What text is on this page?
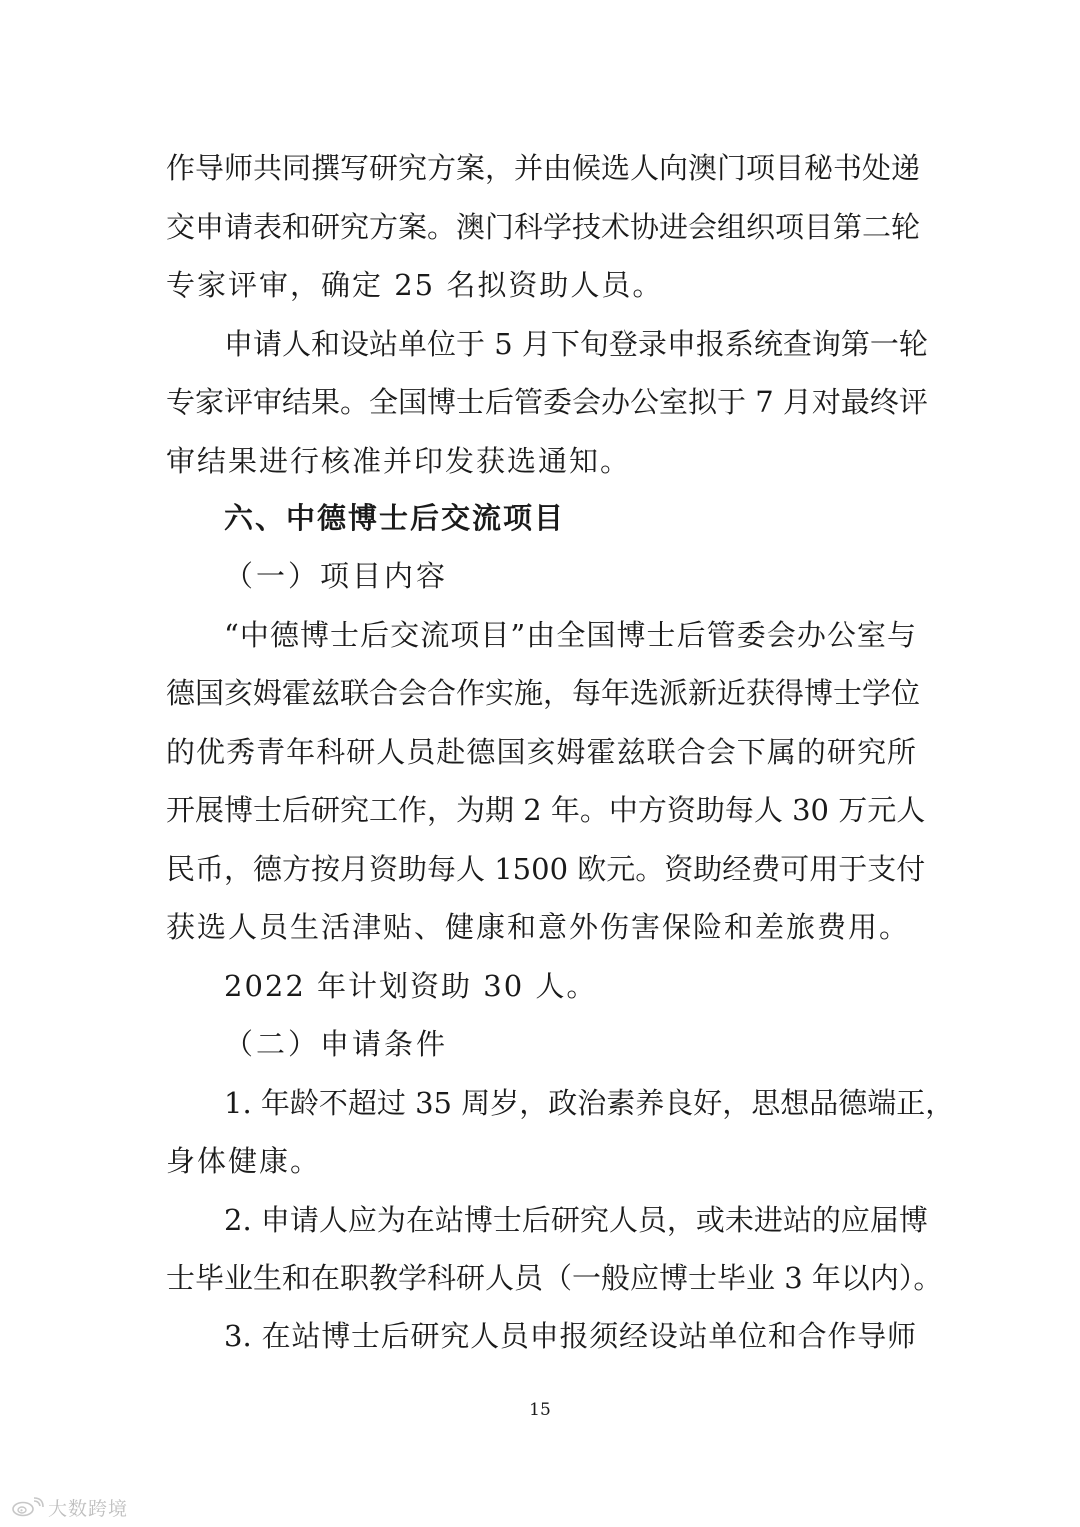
作导师共同撰写研究方案，并由候选人向澳门项目秘书处递
交申请表和研究方案。澳门科学技术协进会组织项目第二轮
专家评审，确定 25 名拟资助人员。
申请人和设站单位于 5 月下旬登录申报系统查询第一轮
专家评审结果。全国博士后管委会办公室拟于 7 月对最终评
审结果进行核准并印发获选通知。
六、中德博士后交流项目
（一）项目内容
“中德博士后交流项目”由全国博士后管委会办公室与
德国亥姆霍兹联合会合作实施，每年选派新近获得博士学位
的优秀青年科研人员赴德国亥姆霍兹联合会下属的研究所
开展博士后研究工作，为期 2 年。中方资助每人 30 万元人
民币，德方按月资助每人 1500 欧元。资助经费可用于支付
获选人员生活津贴、健康和意外伤害保险和差旅费用。
2022 年计划资助 30 人。
（二）申请条件
1. 年龄不超过 35 周岁，政治素养良好，思想品德端正，
身体健康。
2. 申请人应为在站博士后研究人员，或未进站的应届博
士毕业生和在职教学科研人员（一般应博士毕业 3 年以内）。
3. 在站博士后研究人员申报须经设站单位和合作导师
15
大数跨境
